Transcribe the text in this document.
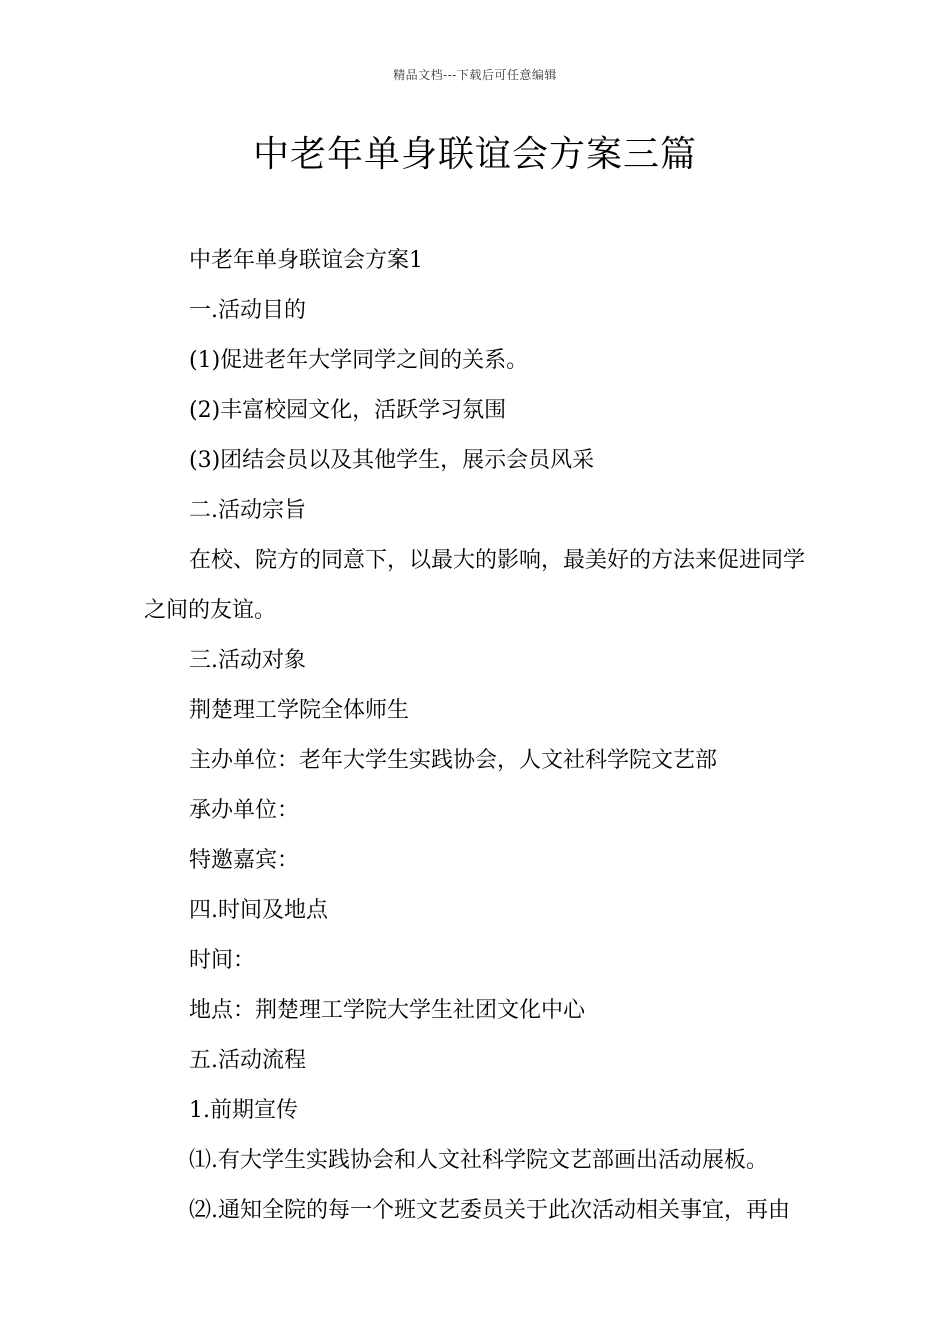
精品文档---下载后可任意编辑
中老年单身联谊会方案三篇

中老年单身联谊会方案1

一.活动目的

(1)促进老年大学同学之间的关系。

(2)丰富校园文化，活跃学习氛围

(3)团结会员以及其他学生，展示会员风采

二.活动宗旨

在校、院方的同意下，以最大的影响，最美好的方法来促进同学之间的友谊。

三.活动对象

荆楚理工学院全体师生

主办单位：老年大学生实践协会，人文社科学院文艺部

承办单位：

特邀嘉宾：

四.时间及地点

时间：

地点：荆楚理工学院大学生社团文化中心

五.活动流程

1.前期宣传

⑴.有大学生实践协会和人文社科学院文艺部画出活动展板。

⑵.通知全院的每一个班文艺委员关于此次活动相关事宜，再由
